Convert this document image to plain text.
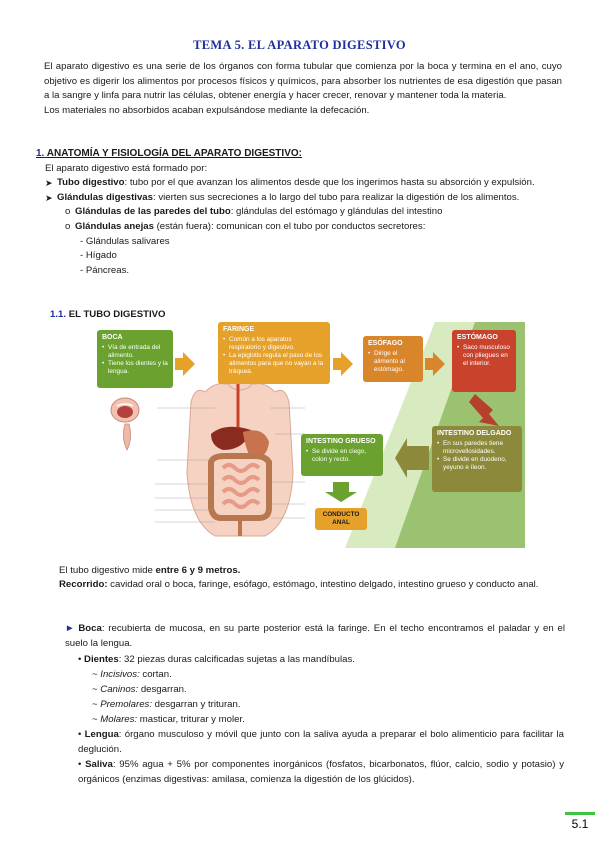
TEMA 5. EL APARATO DIGESTIVO

El aparato digestivo es una serie de los órganos con forma tubular que comienza por la boca y termina en el ano, cuyo objetivo es digerir los alimentos por procesos físicos y químicos, para absorber los nutrientes de esa digestión que pasan a la sangre y linfa para nutrir las células, obtener energía y hacer crecer, renovar y mantener toda la materia.

Los materiales no absorbidos acaban expulsándose mediante la defecación.

1. ANATOMÍA Y FISIOLOGÍA DEL APARATO DIGESTIVO:
El aparato digestivo está formado por:
➤ Tubo digestivo: tubo por el que avanzan los alimentos desde que los ingerimos hasta su absorción y expulsión.
➤ Glándulas digestivas: vierten sus secreciones a lo largo del tubo para realizar la digestión de los alimentos.
o Glándulas de las paredes del tubo: glándulas del estómago y glándulas del intestino
o Glándulas anejas (están fuera): comunican con el tubo por conductos secretores:
- Glándulas salivares
- Hígado
- Páncreas.
1.1. EL TUBO DIGESTIVO
BOCA
• Vía de entrada del alimento.
• Tiene los dientes y la lengua.
FARINGE
• Común a los aparatos respiratorio y digestivo.
• La epiglotis regula el paso de los alimentos para que no vayan a la tráquea.
ESÓFAGO
• Dirige el alimento al estómago.
ESTÓMAGO
• Saco musculoso con pliegues en el interior.
INTESTINO DELGADO
• En sus paredes tiene microvellosidades.
• Se divide en duodeno, yeyuno e íleon.
INTESTINO GRUESO
• Se divide en ciego, colon y recto.
CONDUCTO ANAL
El tubo digestivo mide entre 6 y 9 metros.
Recorrido: cavidad oral o boca, faringe, esófago, estómago, intestino delgado, intestino grueso y conducto anal.
► Boca: recubierta de mucosa, en su parte posterior está la faringe. En el techo encontramos el paladar y en el suelo la lengua.
• Dientes: 32 piezas duras calcificadas sujetas a las mandíbulas.
~ Incisivos: cortan.
~ Caninos: desgarran.
~ Premolares: desgarran y trituran.
~ Molares: masticar, triturar y moler.
• Lengua: órgano musculoso y móvil que junto con la saliva ayuda a preparar el bolo alimenticio para facilitar la deglución.
• Saliva: 95% agua + 5% por componentes inorgánicos (fosfatos, bicarbonatos, flúor, calcio, sodio y potasio) y orgánicos (enzimas digestivas: amilasa, comienza la digestión de los glúcidos).
5.1
